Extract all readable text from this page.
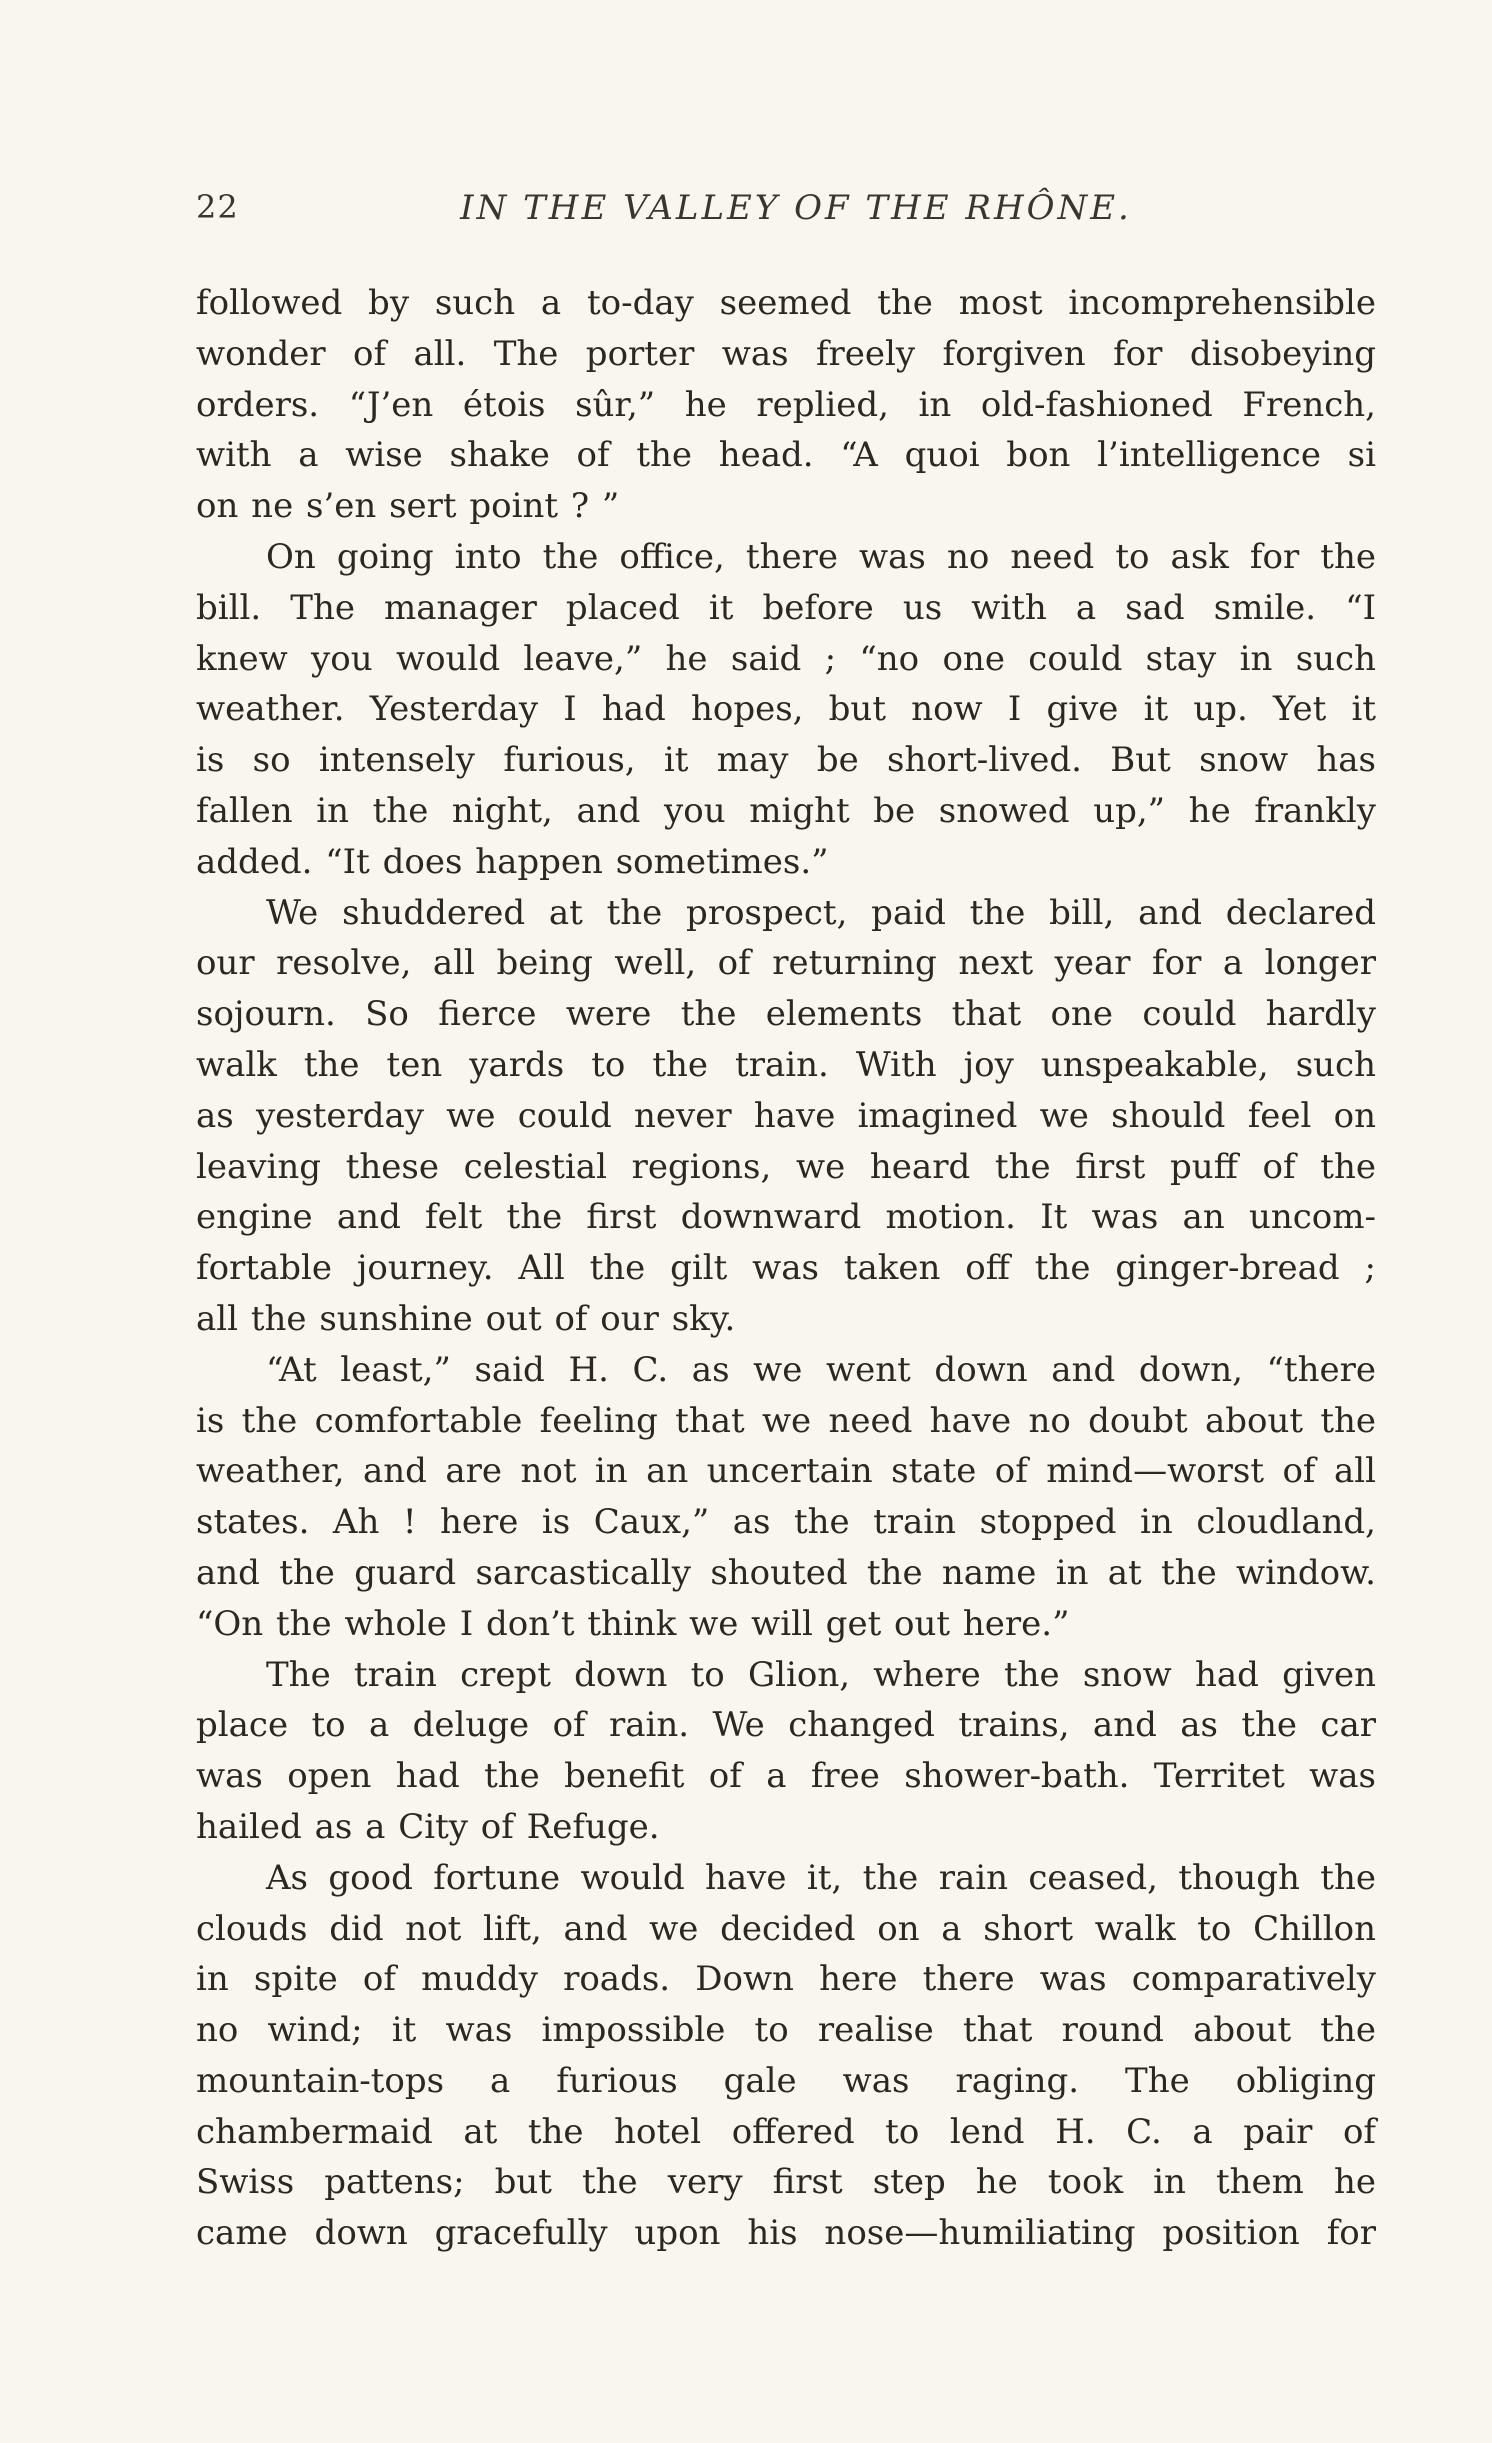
22	IN THE VALLEY OF THE RHÔNE.
followed by such a to-day seemed the most incomprehensible
wonder of all. The porter was freely forgiven for disobeying
orders. “J’en étois sûr,” he replied, in old-fashioned French,
with a wise shake of the head. “A quoi bon l’intelligence si
on ne s’en sert point ? ”
On going into the office, there was no need to ask for the
bill. The manager placed it before us with a sad smile. “I
knew you would leave,” he said ; “no one could stay in such
weather. Yesterday I had hopes, but now I give it up. Yet it
is so intensely furious, it may be short-lived. But snow has
fallen in the night, and you might be snowed up,” he frankly
added. “It does happen sometimes.”
We shuddered at the prospect, paid the bill, and declared
our resolve, all being well, of returning next year for a longer
sojourn. So fierce were the elements that one could hardly
walk the ten yards to the train. With joy unspeakable, such
as yesterday we could never have imagined we should feel on
leaving these celestial regions, we heard the first puff of the
engine and felt the first downward motion. It was an uncom-
fortable journey. All the gilt was taken off the ginger-bread ;
all the sunshine out of our sky.
“At least,” said H. C. as we went down and down, “there
is the comfortable feeling that we need have no doubt about the
weather, and are not in an uncertain state of mind—worst of all
states. Ah ! here is Caux,” as the train stopped in cloudland,
and the guard sarcastically shouted the name in at the window.
“On the whole I don’t think we will get out here.”
The train crept down to Glion, where the snow had given
place to a deluge of rain. We changed trains, and as the car
was open had the benefit of a free shower-bath. Territet was
hailed as a City of Refuge.
As good fortune would have it, the rain ceased, though the
clouds did not lift, and we decided on a short walk to Chillon
in spite of muddy roads. Down here there was comparatively
no wind; it was impossible to realise that round about the
mountain-tops a furious gale was raging. The obliging
chambermaid at the hotel offered to lend H. C. a pair of
Swiss pattens; but the very first step he took in them he
came down gracefully upon his nose—humiliating position for
